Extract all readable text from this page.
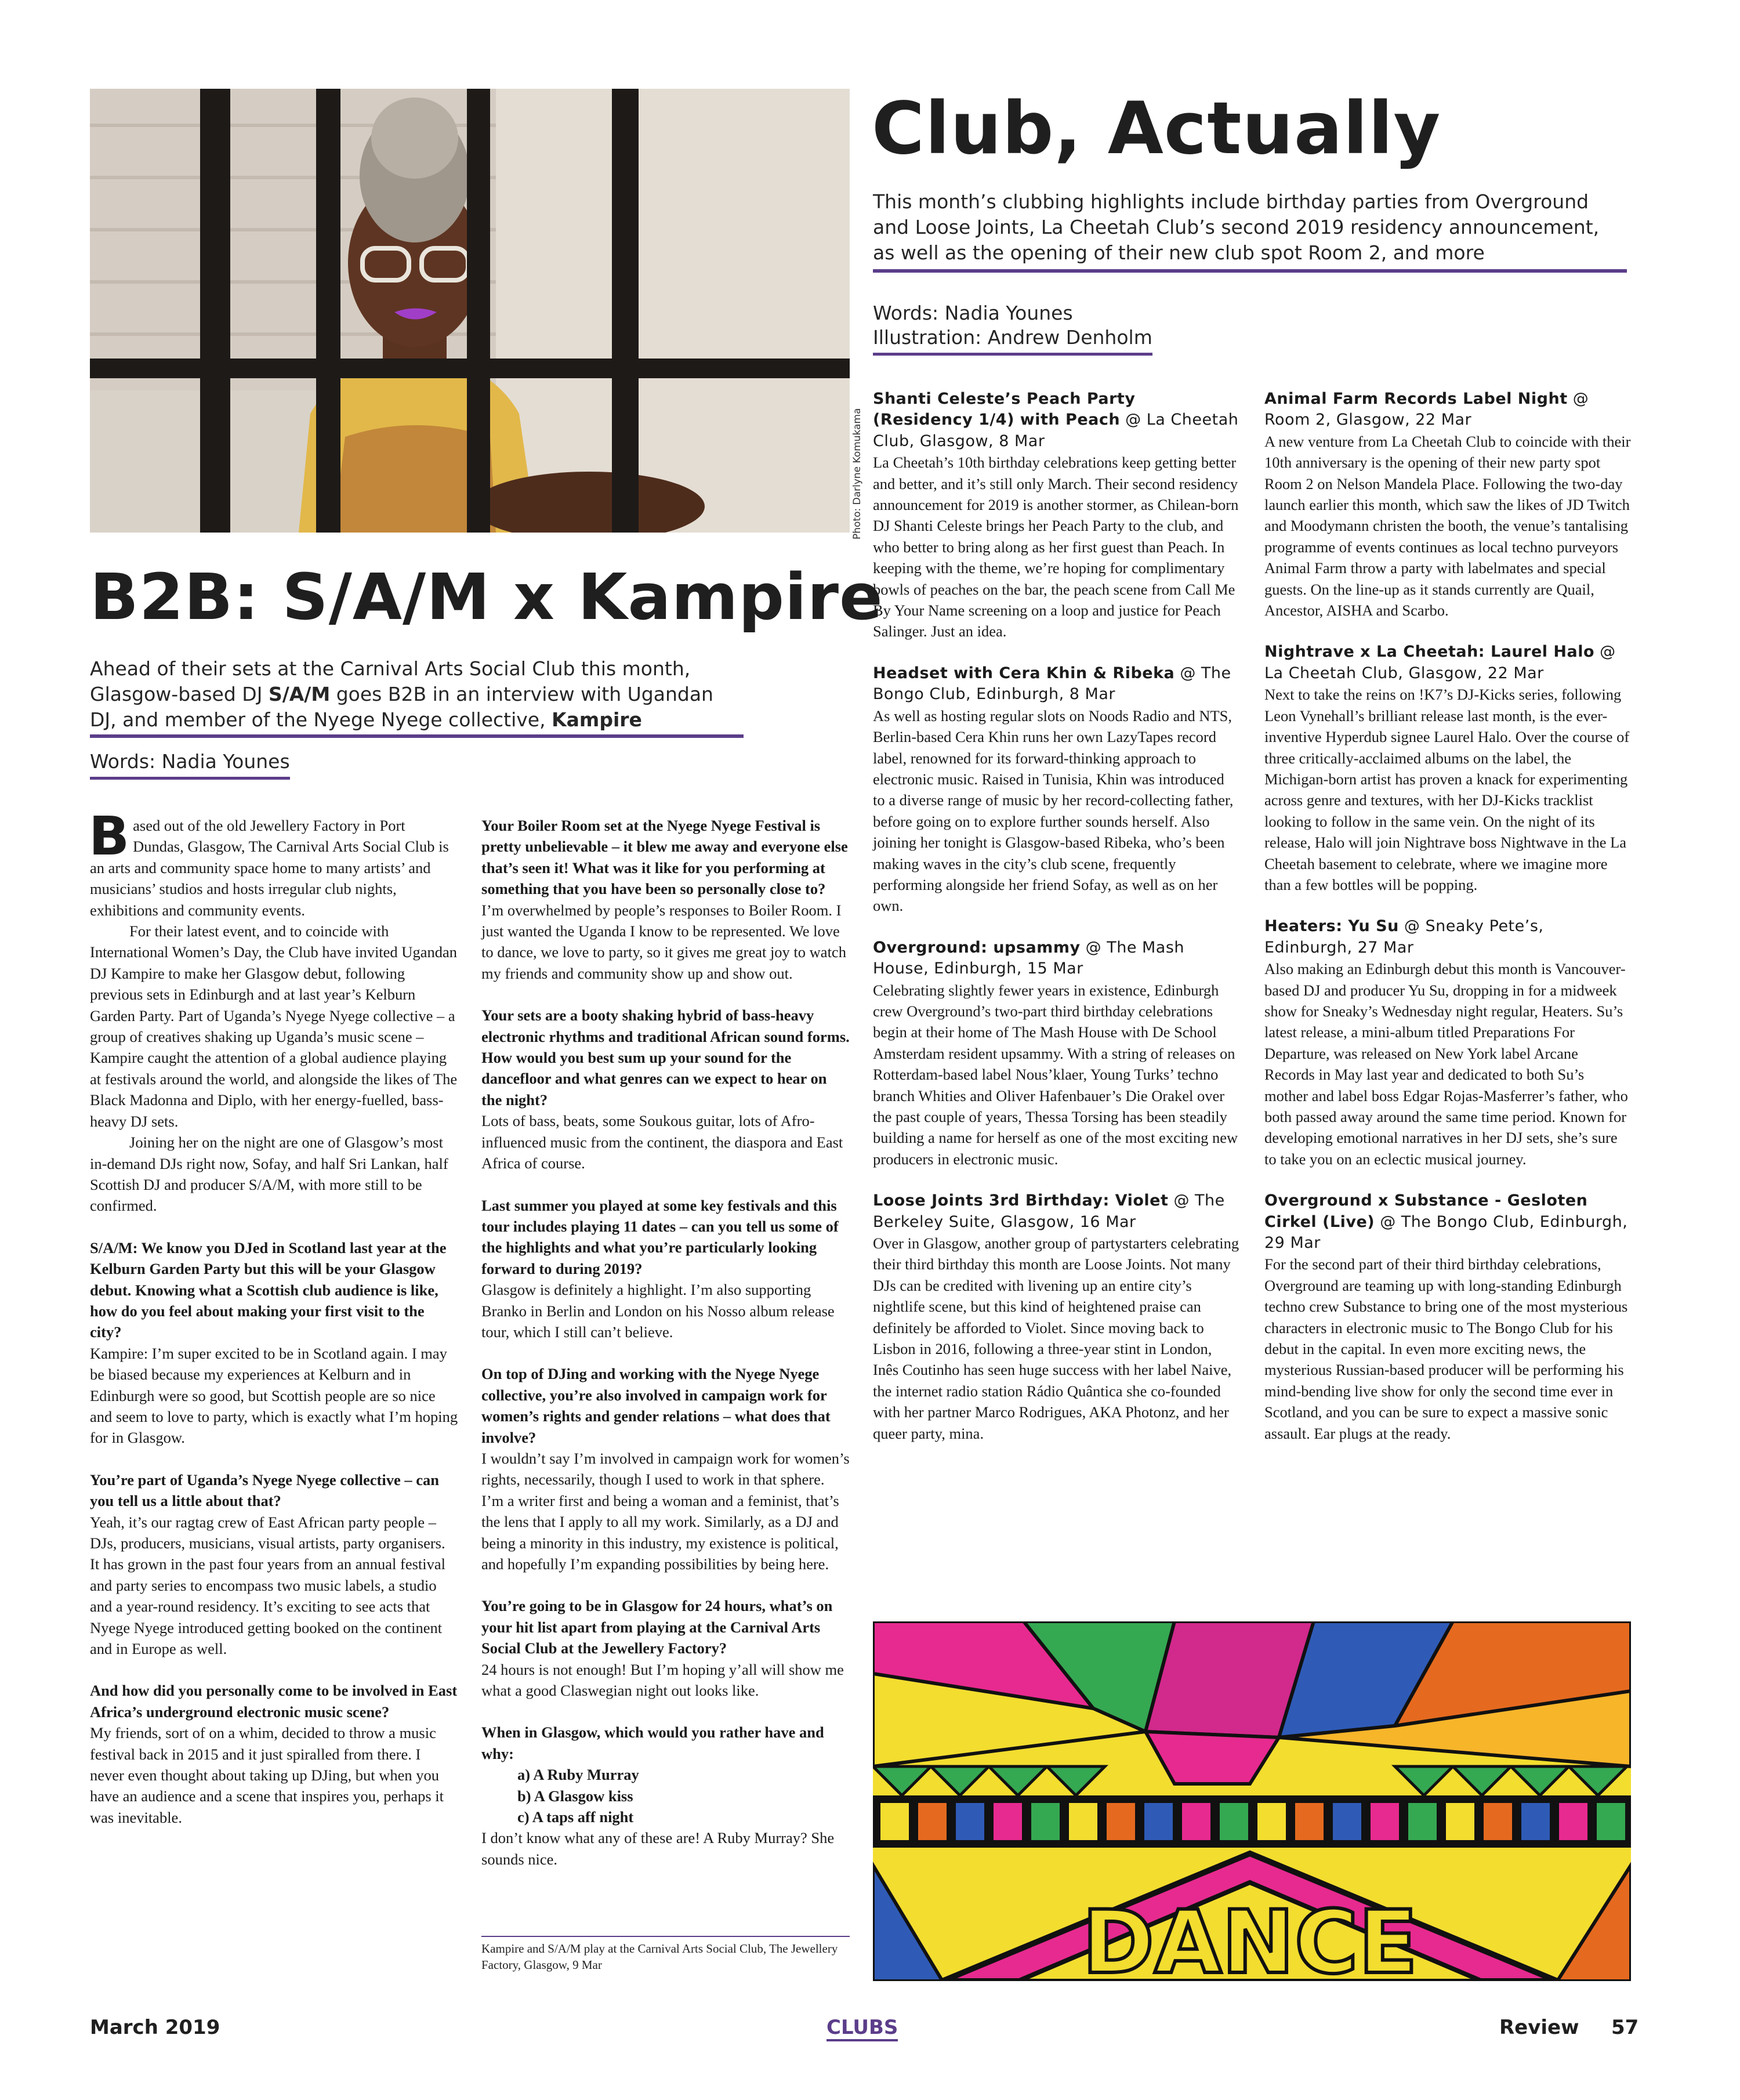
Photo: Darlyne Komukama
Club, Actually
This month’s clubbing highlights include birthday parties from Overground and Loose Joints, La Cheetah Club’s second 2019 residency announcement, as well as the opening of their new club spot Room 2, and more
Words: Nadia Younes
Illustration: Andrew Denholm
B2B: S/A/M x Kampire
Ahead of their sets at the Carnival Arts Social Club this month, Glasgow-based DJ S/A/M goes B2B in an interview with Ugandan DJ, and member of the Nyege Nyege collective, Kampire
Words: Nadia Younes

Based out of the old Jewellery Factory in Port Dundas, Glasgow, The Carnival Arts Social Club is an arts and community space home to many artists’ and musicians’ studios and hosts irregular club nights, exhibitions and community events.

For their latest event, and to coincide with International Women’s Day, the Club have invited Ugandan DJ Kampire to make her Glasgow debut, following previous sets in Edinburgh and at last year’s Kelburn Garden Party. Part of Uganda’s Nyege Nyege collective – a group of creatives shaking up Uganda’s music scene – Kampire caught the attention of a global audience playing at festivals around the world, and alongside the likes of The Black Madonna and Diplo, with her energy-fuelled, bass-heavy DJ sets.

Joining her on the night are one of Glasgow’s most in-demand DJs right now, Sofay, and half Sri Lankan, half Scottish DJ and producer S/A/M, with more still to be confirmed.

S/A/M: We know you DJed in Scotland last year at the Kelburn Garden Party but this will be your Glasgow debut. Knowing what a Scottish club audience is like, how do you feel about making your first visit to the city?

Kampire: I’m super excited to be in Scotland again. I may be biased because my experiences at Kelburn and in Edinburgh were so good, but Scottish people are so nice and seem to love to party, which is exactly what I’m hoping for in Glasgow.

You’re part of Uganda’s Nyege Nyege collective – can you tell us a little about that?

Yeah, it’s our ragtag crew of East African party people – DJs, producers, musicians, visual artists, party organisers. It has grown in the past four years from an annual festival and party series to encompass two music labels, a studio and a year-round residency. It’s exciting to see acts that Nyege Nyege introduced getting booked on the continent and in Europe as well.

And how did you personally come to be involved in East Africa’s underground electronic music scene?

My friends, sort of on a whim, decided to throw a music festival back in 2015 and it just spiralled from there. I never even thought about taking up DJing, but when you have an audience and a scene that inspires you, perhaps it was inevitable.

Your Boiler Room set at the Nyege Nyege Festival is pretty unbelievable – it blew me away and everyone else that’s seen it! What was it like for you performing at something that you have been so personally close to?

I’m overwhelmed by people’s responses to Boiler Room. I just wanted the Uganda I know to be represented. We love to dance, we love to party, so it gives me great joy to watch my friends and community show up and show out.

Your sets are a booty shaking hybrid of bass-heavy electronic rhythms and traditional African sound forms. How would you best sum up your sound for the dancefloor and what genres can we expect to hear on the night?

Lots of bass, beats, some Soukous guitar, lots of Afro-influenced music from the continent, the diaspora and East Africa of course.

Last summer you played at some key festivals and this tour includes playing 11 dates – can you tell us some of the highlights and what you’re particularly looking forward to during 2019?

Glasgow is definitely a highlight. I’m also supporting Branko in Berlin and London on his Nosso album release tour, which I still can’t believe.

On top of DJing and working with the Nyege Nyege collective, you’re also involved in campaign work for women’s rights and gender relations – what does that involve?

I wouldn’t say I’m involved in campaign work for women’s rights, necessarily, though I used to work in that sphere. I’m a writer first and being a woman and a feminist, that’s the lens that I apply to all my work. Similarly, as a DJ and being a minority in this industry, my existence is political, and hopefully I’m expanding possibilities by being here.

You’re going to be in Glasgow for 24 hours, what’s on your hit list apart from playing at the Carnival Arts Social Club at the Jewellery Factory?

24 hours is not enough! But I’m hoping y’all will show me what a good Claswegian night out looks like.

When in Glasgow, which would you rather have and why:

a) A Ruby Murray

b) A Glasgow kiss

c) A taps aff night

I don’t know what any of these are! A Ruby Murray? She sounds nice.

Kampire and S/A/M play at the Carnival Arts Social Club, The Jewellery Factory, Glasgow, 9 Mar
Shanti Celeste’s Peach Party (Residency 1/4) with Peach @ La Cheetah Club, Glasgow, 8 Mar

La Cheetah’s 10th birthday celebrations keep getting better and better, and it’s still only March. Their second residency announcement for 2019 is another stormer, as Chilean-born DJ Shanti Celeste brings her Peach Party to the club, and who better to bring along as her first guest than Peach. In keeping with the theme, we’re hoping for complimentary bowls of peaches on the bar, the peach scene from Call Me By Your Name screening on a loop and justice for Peach Salinger. Just an idea.

Headset with Cera Khin & Ribeka @ The Bongo Club, Edinburgh, 8 Mar

As well as hosting regular slots on Noods Radio and NTS, Berlin-based Cera Khin runs her own LazyTapes record label, renowned for its forward-thinking approach to electronic music. Raised in Tunisia, Khin was introduced to a diverse range of music by her record-collecting father, before going on to explore further sounds herself. Also joining her tonight is Glasgow-based Ribeka, who’s been making waves in the city’s club scene, frequently performing alongside her friend Sofay, as well as on her own.

Overground: upsammy @ The Mash House, Edinburgh, 15 Mar

Celebrating slightly fewer years in existence, Edinburgh crew Overground’s two-part third birthday celebrations begin at their home of The Mash House with De School Amsterdam resident upsammy. With a string of releases on Rotterdam-based label Nous’klaer, Young Turks’ techno branch Whities and Oliver Hafenbauer’s Die Orakel over the past couple of years, Thessa Torsing has been steadily building a name for herself as one of the most exciting new producers in electronic music.

Loose Joints 3rd Birthday: Violet @ The Berkeley Suite, Glasgow, 16 Mar

Over in Glasgow, another group of partystarters celebrating their third birthday this month are Loose Joints. Not many DJs can be credited with livening up an entire city’s nightlife scene, but this kind of heightened praise can definitely be afforded to Violet. Since moving back to Lisbon in 2016, following a three-year stint in London, Inês Coutinho has seen huge success with her label Naive, the internet radio station Rádio Quântica she co-founded with her partner Marco Rodrigues, AKA Photonz, and her queer party, mina.

Animal Farm Records Label Night @ Room 2, Glasgow, 22 Mar

A new venture from La Cheetah Club to coincide with their 10th anniversary is the opening of their new party spot Room 2 on Nelson Mandela Place. Following the two-day launch earlier this month, which saw the likes of JD Twitch and Moodymann christen the booth, the venue’s tantalising programme of events continues as local techno purveyors Animal Farm throw a party with labelmates and special guests. On the line-up as it stands currently are Quail, Ancestor, AISHA and Scarbo.

Nightrave x La Cheetah: Laurel Halo @ La Cheetah Club, Glasgow, 22 Mar

Next to take the reins on !K7’s DJ-Kicks series, following Leon Vynehall’s brilliant release last month, is the ever-inventive Hyperdub signee Laurel Halo. Over the course of three critically-acclaimed albums on the label, the Michigan-born artist has proven a knack for experimenting across genre and textures, with her DJ-Kicks tracklist looking to follow in the same vein. On the night of its release, Halo will join Nightrave boss Nightwave in the La Cheetah basement to celebrate, where we imagine more than a few bottles will be popping.

Heaters: Yu Su @ Sneaky Pete’s, Edinburgh, 27 Mar

Also making an Edinburgh debut this month is Vancouver-based DJ and producer Yu Su, dropping in for a midweek show for Sneaky’s Wednesday night regular, Heaters. Su’s latest release, a mini-album titled Preparations For Departure, was released on New York label Arcane Records in May last year and dedicated to both Su’s mother and label boss Edgar Rojas-Masferrer’s father, who both passed away around the same time period. Known for developing emotional narratives in her DJ sets, she’s sure to take you on an eclectic musical journey.

Overground x Substance - Gesloten Cirkel (Live) @ The Bongo Club, Edinburgh, 29 Mar

For the second part of their third birthday celebrations, Overground are teaming up with long-standing Edinburgh techno crew Substance to bring one of the most mysterious characters in electronic music to The Bongo Club for his debut in the capital. In even more exciting news, the mysterious Russian-based producer will be performing his mind-bending live show for only the second time ever in Scotland, and you can be sure to expect a massive sonic assault. Ear plugs at the ready.

DANCE
March 2019	CLUBS	Review 57
